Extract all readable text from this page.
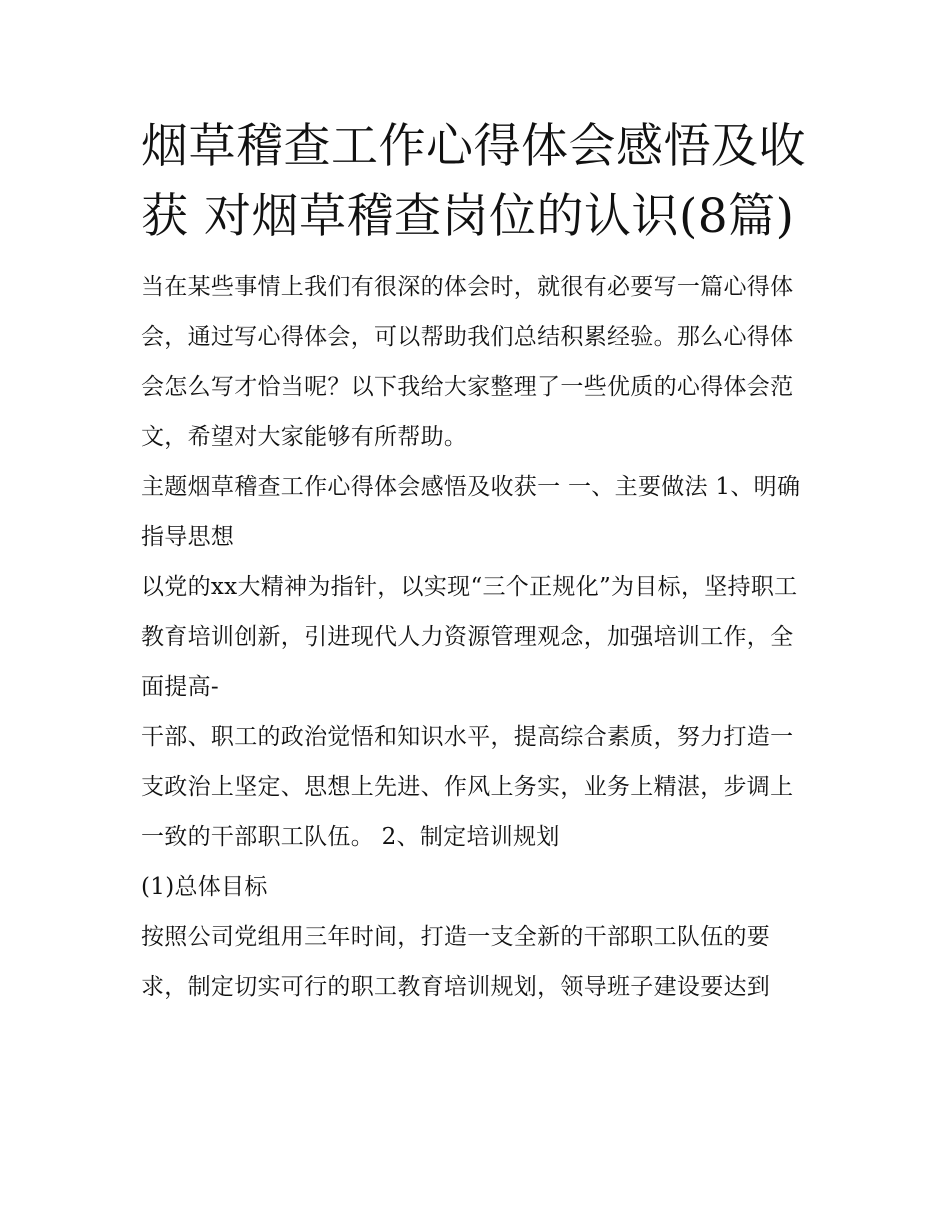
烟草稽查工作心得体会感悟及收获 对烟草稽查岗位的认识(8篇)

当在某些事情上我们有很深的体会时，就很有必要写一篇心得体会，通过写心得体会，可以帮助我们总结积累经验。那么心得体会怎么写才恰当呢？以下我给大家整理了一些优质的心得体会范文，希望对大家能够有所帮助。

主题烟草稽查工作心得体会感悟及收获一 一、主要做法 1、明确指导思想

以党的xx大精神为指针，以实现“三个正规化”为目标，坚持职工教育培训创新，引进现代人力资源管理观念，加强培训工作，全面提高-

干部、职工的政治觉悟和知识水平，提高综合素质，努力打造一支政治上坚定、思想上先进、作风上务实，业务上精湛，步调上一致的干部职工队伍。 2、制定培训规划

(1)总体目标

按照公司党组用三年时间，打造一支全新的干部职工队伍的要求，制定切实可行的职工教育培训规划，领导班子建设要达到
